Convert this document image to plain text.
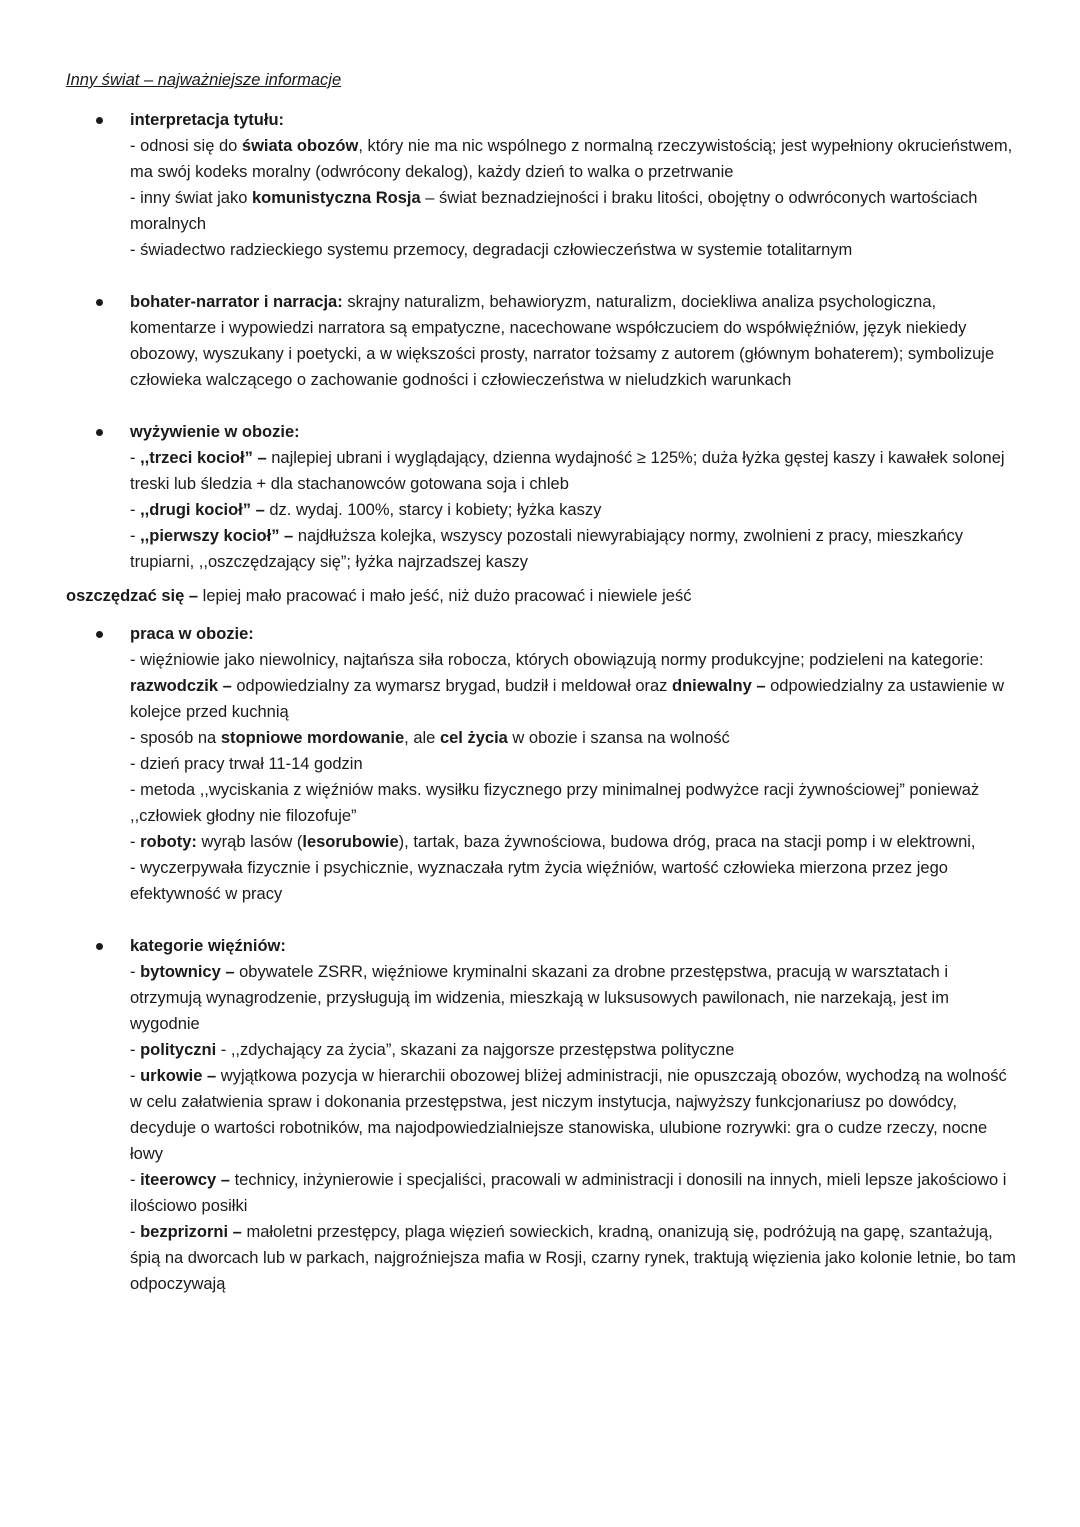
Inny świat – najważniejsze informacje

interpretacja tytułu:

- odnosi się do świata obozów, który nie ma nic wspólnego z normalną rzeczywistością; jest wypełniony okrucieństwem, ma swój kodeks moralny (odwrócony dekalog), każdy dzień to walka o przetrwanie

- inny świat jako komunistyczna Rosja – świat beznadziejności i braku litości, obojętny o odwróconych wartościach moralnych

- świadectwo radzieckiego systemu przemocy, degradacji człowieczeństwa w systemie totalitarnym

bohater-narrator i narracja: skrajny naturalizm, behawioryzm, naturalizm, dociekliwa analiza psychologiczna, komentarze i wypowiedzi narratora są empatyczne, nacechowane współczuciem do współwięźniów, język niekiedy obozowy, wyszukany i poetycki, a w większości prosty, narrator tożsamy z autorem (głównym bohaterem); symbolizuje człowieka walczącego o zachowanie godności i człowieczeństwa w nieludzkich warunkach

wyżywienie w obozie:

- ,,trzeci kocioł” – najlepiej ubrani i wyglądający, dzienna wydajność ≥ 125%; duża łyżka gęstej kaszy i kawałek solonej treski lub śledzia + dla stachanowców gotowana soja i chleb

- ,,drugi kocioł” – dz. wydaj. 100%, starcy i kobiety; łyżka kaszy

- ,,pierwszy kocioł” – najdłuższa kolejka, wszyscy pozostali niewyrabiający normy, zwolnieni z pracy, mieszkańcy trupiarni, ,,oszczędzający się”; łyżka najrzadszej kaszy

oszczędzać się – lepiej mało pracować i mało jeść, niż dużo pracować i niewiele jeść

praca w obozie:

- więźniowie jako niewolnicy, najtańsza siła robocza, których obowiązują normy produkcyjne; podzieleni na kategorie: razwodczik – odpowiedzialny za wymarsz brygad, budził i meldował oraz dniewalny – odpowiedzialny za ustawienie w kolejce przed kuchnią

- sposób na stopniowe mordowanie, ale cel życia w obozie i szansa na wolność

- dzień pracy trwał 11-14 godzin

- metoda ,,wyciskania z więźniów maks. wysiłku fizycznego przy minimalnej podwyżce racji żywnościowej” ponieważ ,,człowiek głodny nie filozofuje”

- roboty: wyrąb lasów (lesorubowie), tartak, baza żywnościowa, budowa dróg, praca na stacji pomp i w elektrowni,

- wyczerpywała fizycznie i psychicznie, wyznaczała rytm życia więźniów, wartość człowieka mierzona przez jego efektywność w pracy

kategorie więźniów:

- bytownicy – obywatele ZSRR, więźniowe kryminalni skazani za drobne przestępstwa, pracują w warsztatach i otrzymują wynagrodzenie, przysługują im widzenia, mieszkają w luksusowych pawilonach, nie narzekają, jest im wygodnie

- polityczni - ,,zdychający za życia”, skazani za najgorsze przestępstwa polityczne

- urkowie – wyjątkowa pozycja w hierarchii obozowej bliżej administracji, nie opuszczają obozów, wychodzą na wolność w celu załatwienia spraw i dokonania przestępstwa, jest niczym instytucja, najwyższy funkcjonariusz po dowódcy, decyduje o wartości robotników, ma najodpowiedzialniejsze stanowiska, ulubione rozrywki: gra o cudze rzeczy, nocne łowy

- iteerowcy – technicy, inżynierowie i specjaliści, pracowali w administracji i donosili na innych, mieli lepsze jakościowo i ilościowo posiłki

- bezprizorni – małoletni przestępcy, plaga więzień sowieckich, kradną, onanizują się, podróżują na gapę, szantażują, śpią na dworcach lub w parkach, najgroźniejsza mafia w Rosji, czarny rynek, traktują więzienia jako kolonie letnie, bo tam odpoczywają
